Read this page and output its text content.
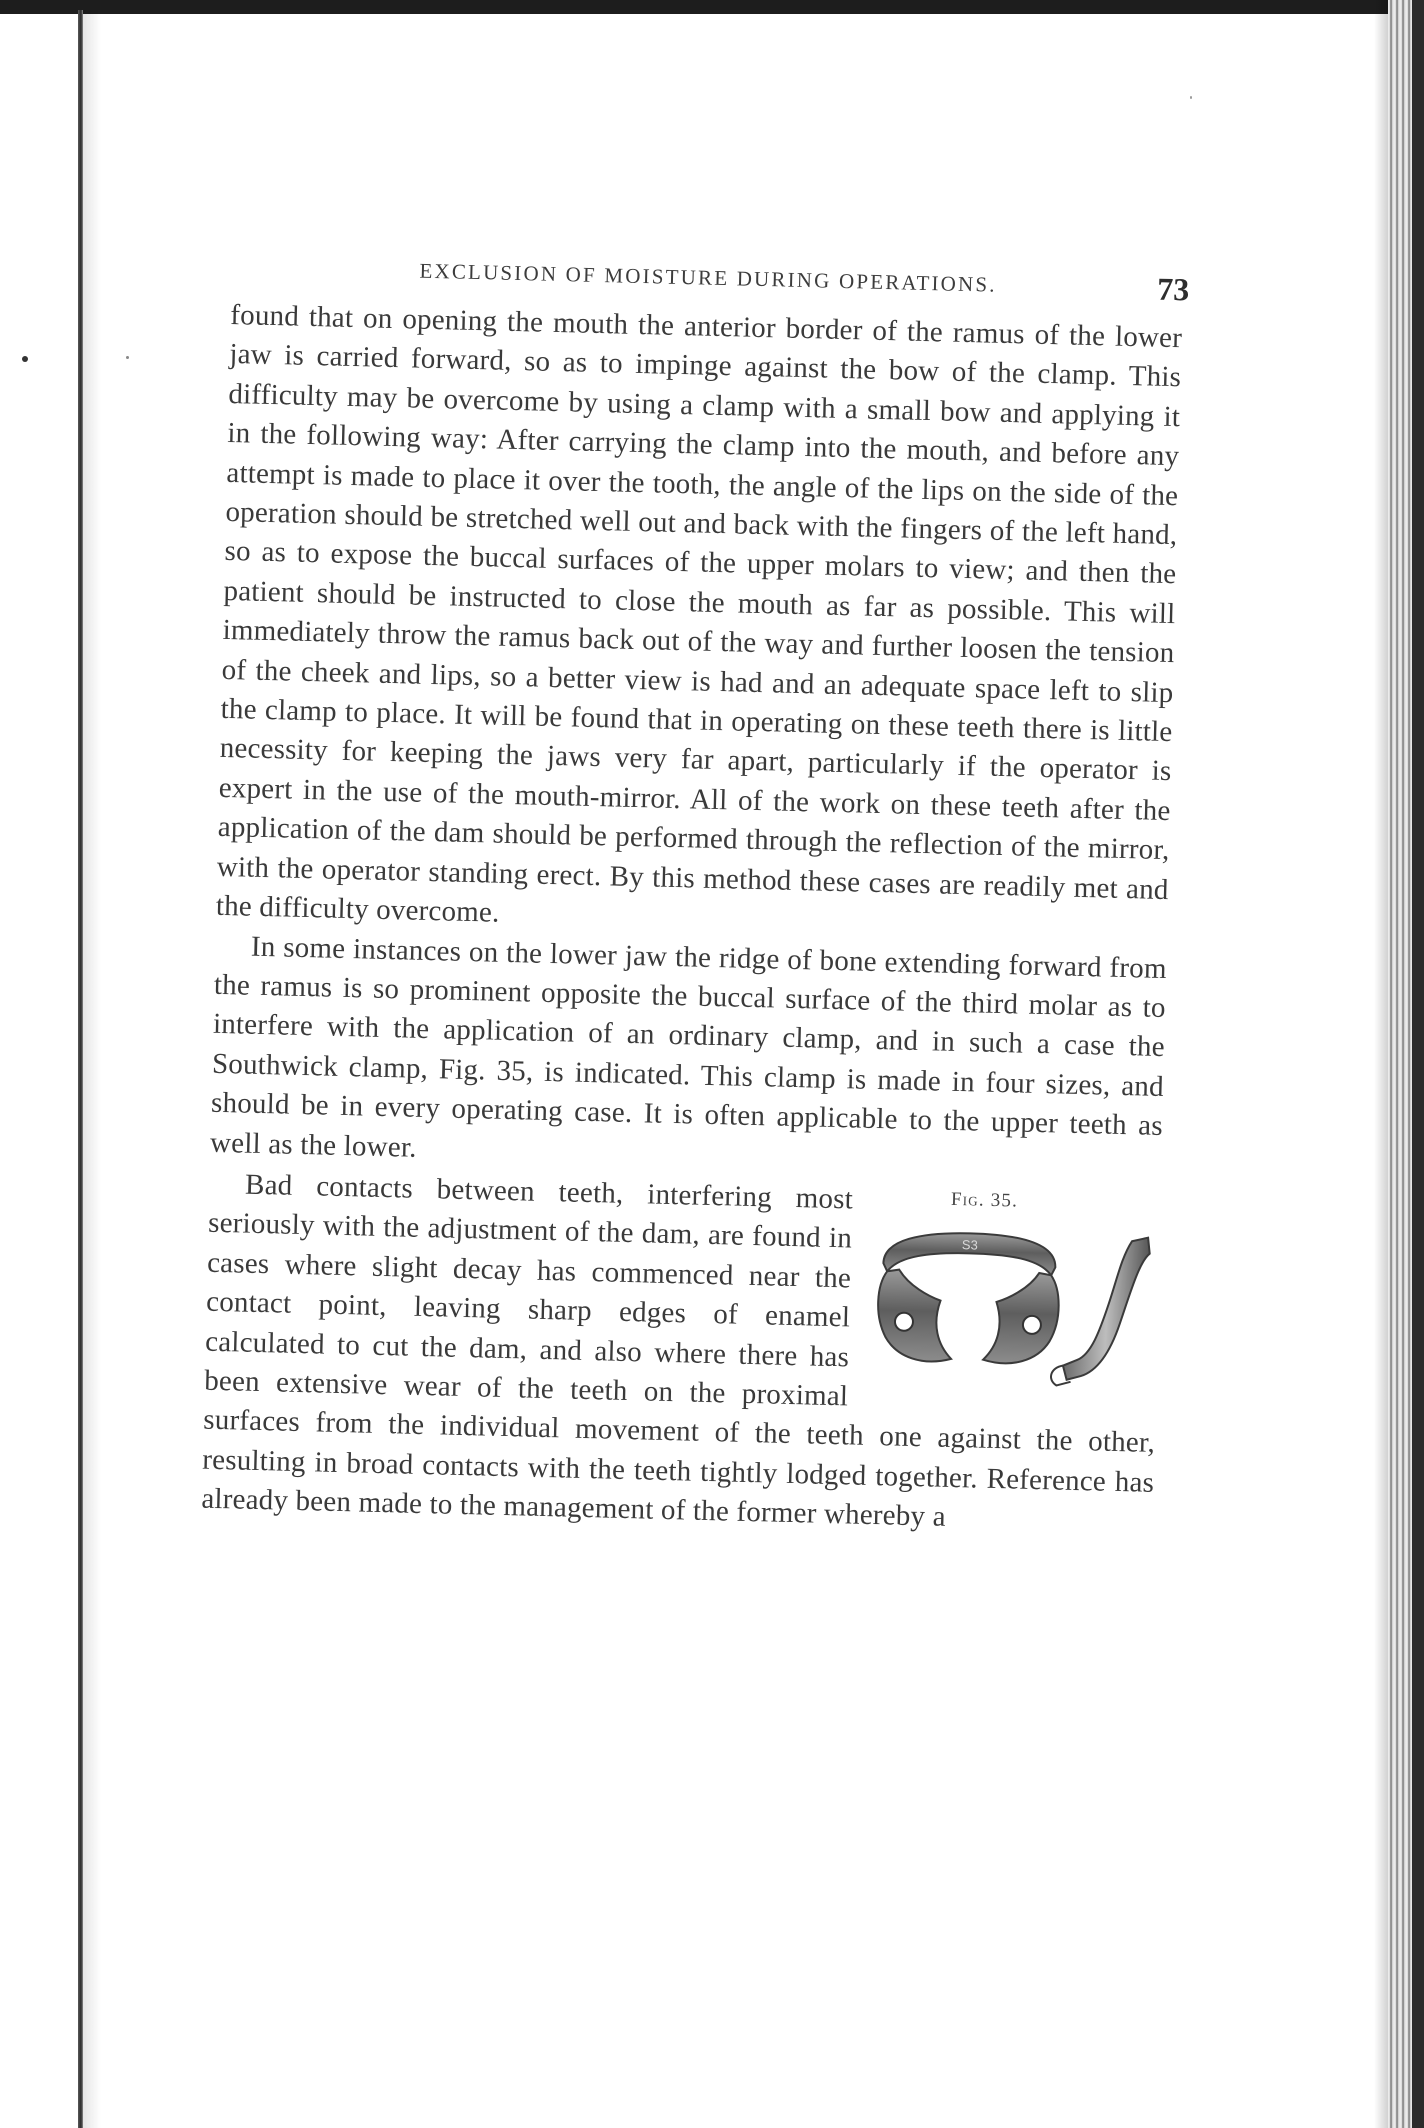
EXCLUSION OF MOISTURE DURING OPERATIONS.	73

found that on opening the mouth the anterior border of the ramus of the lower jaw is carried forward, so as to impinge against the bow of the clamp. This difficulty may be overcome by using a clamp with a small bow and applying it in the following way: After carrying the clamp into the mouth, and before any attempt is made to place it over the tooth, the angle of the lips on the side of the operation should be stretched well out and back with the fingers of the left hand, so as to expose the buccal surfaces of the upper molars to view; and then the patient should be instructed to close the mouth as far as possible. This will immediately throw the ramus back out of the way and further loosen the tension of the cheek and lips, so a better view is had and an adequate space left to slip the clamp to place. It will be found that in operating on these teeth there is little necessity for keeping the jaws very far apart, particularly if the operator is expert in the use of the mouth-mirror. All of the work on these teeth after the application of the dam should be performed through the reflection of the mirror, with the operator standing erect. By this method these cases are readily met and the difficulty overcome.

In some instances on the lower jaw the ridge of bone extending forward from the ramus is so prominent opposite the buccal surface of the third molar as to interfere with the application of an ordinary clamp, and in such a case the Southwick clamp, Fig. 35, is indicated. This clamp is made in four sizes, and should be in every operating case. It is often applicable to the upper teeth as well as the lower.

Fig. 35.
S3

Bad contacts between teeth, interfering most seriously with the adjustment of the dam, are found in cases where slight decay has commenced near the contact point, leaving sharp edges of enamel calculated to cut the dam, and also where there has been extensive wear of the teeth on the proximal surfaces from the individual movement of the teeth one against the other, resulting in broad contacts with the teeth tightly lodged together. Reference has already been made to the management of the former whereby a
